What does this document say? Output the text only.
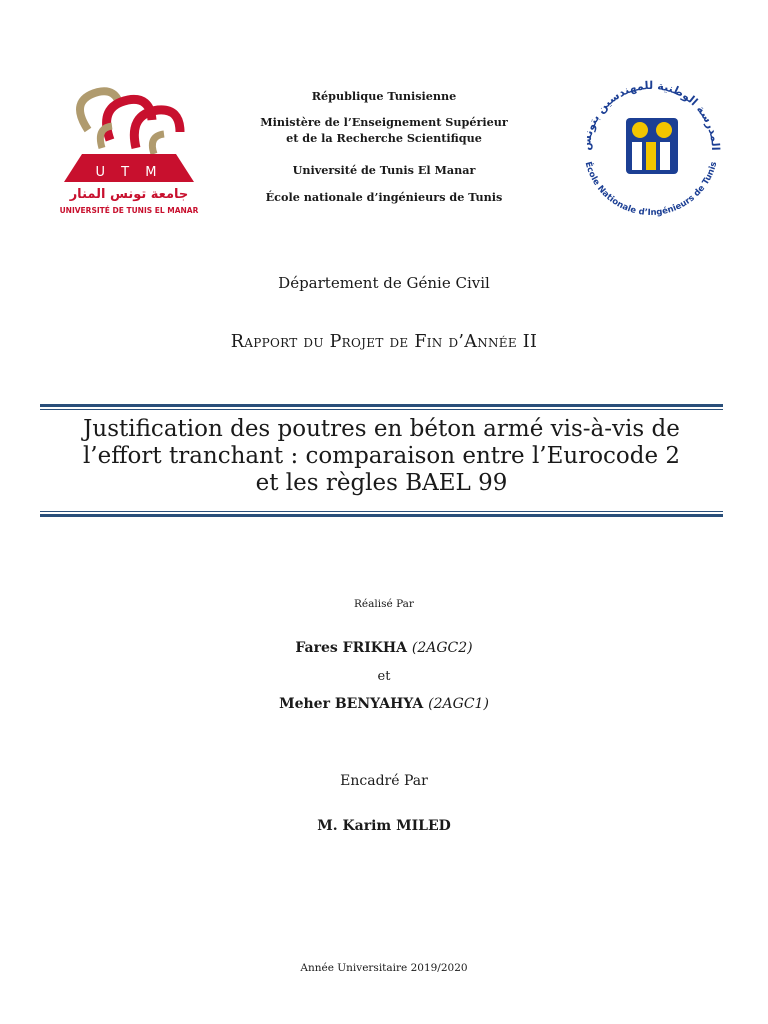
U T M
جامعة تونس المنار
UNIVERSITÉ DE TUNIS EL MANAR
المدرسة الوطنية للمهندسين بتونس
École Nationale d’Ingénieurs de Tunis
République Tunisienne
Ministère de l’Enseignement Supérieur
et de la Recherche Scientifique
Université de Tunis El Manar
École nationale d’ingénieurs de Tunis
Département de Génie Civil
Rapport du Projet de Fin d’Année II
Justification des poutres en béton armé vis-à-vis de
l’effort tranchant : comparaison entre l’Eurocode 2
et les règles BAEL 99
Réalisé Par
Fares FRIKHA (2AGC2)
et
Meher BENYAHYA (2AGC1)
Encadré Par
M. Karim MILED
Année Universitaire 2019/2020
